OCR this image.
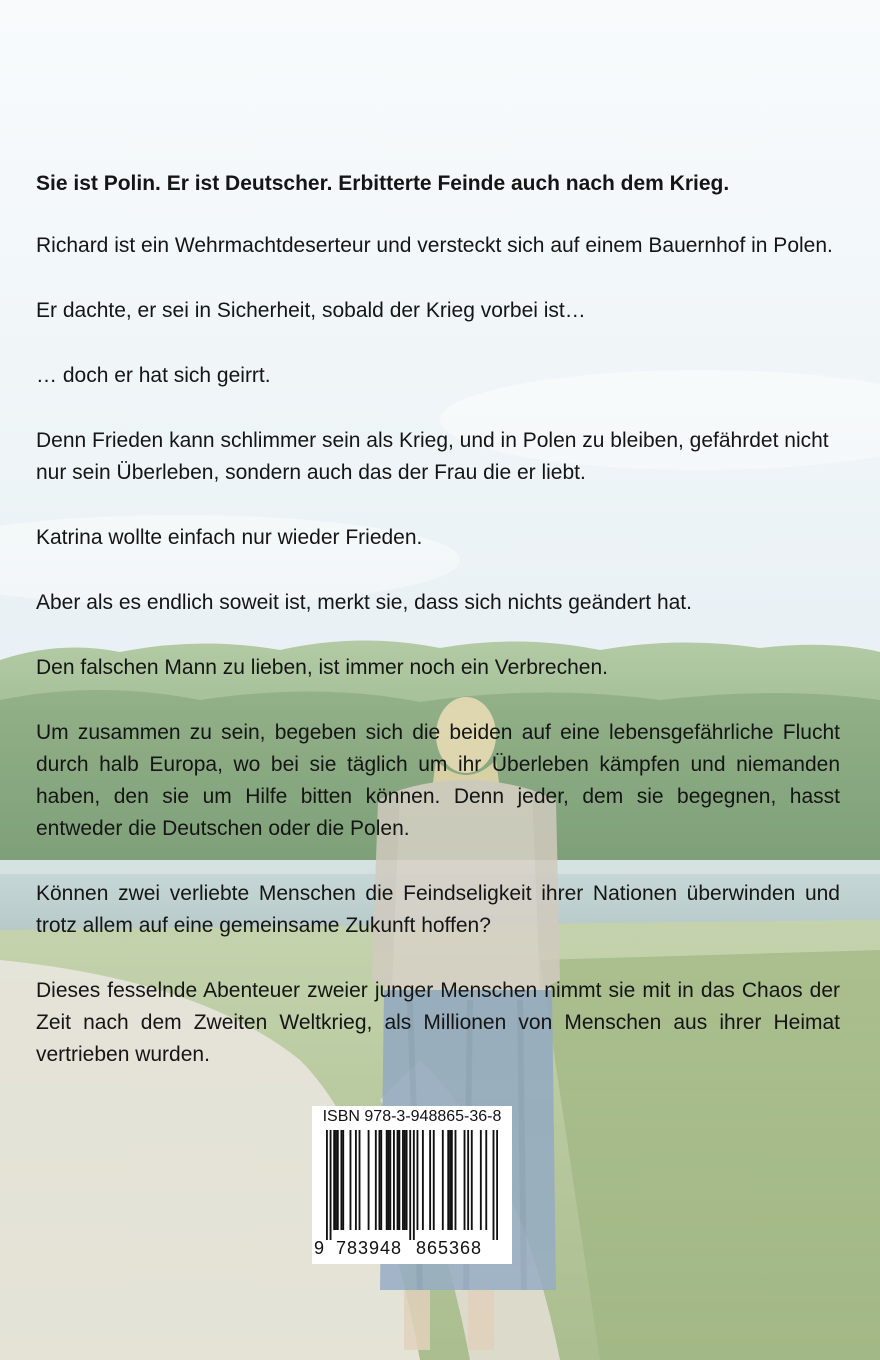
Sie ist Polin. Er ist Deutscher. Erbitterte Feinde auch nach dem Krieg.

Richard ist ein Wehrmachtdeserteur und versteckt sich auf einem Bauernhof in Polen.

Er dachte, er sei in Sicherheit, sobald der Krieg vorbei ist…

… doch er hat sich geirrt.

Denn Frieden kann schlimmer sein als Krieg, und in Polen zu bleiben, gefährdet nicht nur sein Überleben, sondern auch das der Frau die er liebt.

Katrina wollte einfach nur wieder Frieden.

Aber als es endlich soweit ist, merkt sie, dass sich nichts geändert hat.

Den falschen Mann zu lieben, ist immer noch ein Verbrechen.

Um zusammen zu sein, begeben sich die beiden auf eine lebensgefährliche Flucht durch halb Europa, wo bei sie täglich um ihr Überleben kämpfen und niemanden haben, den sie um Hilfe bitten können. Denn jeder, dem sie begegnen, hasst entweder die Deutschen oder die Polen.

Können zwei verliebte Menschen die Feindseligkeit ihrer Nationen überwinden und trotz allem auf eine gemeinsame Zukunft hoffen?

Dieses fesselnde Abenteuer zweier junger Menschen nimmt sie mit in das Chaos der Zeit nach dem Zweiten Weltkrieg, als Millionen von Menschen aus ihrer Heimat vertrieben wurden.

ISBN 978-3-948865-36-8
9 783948 865368
